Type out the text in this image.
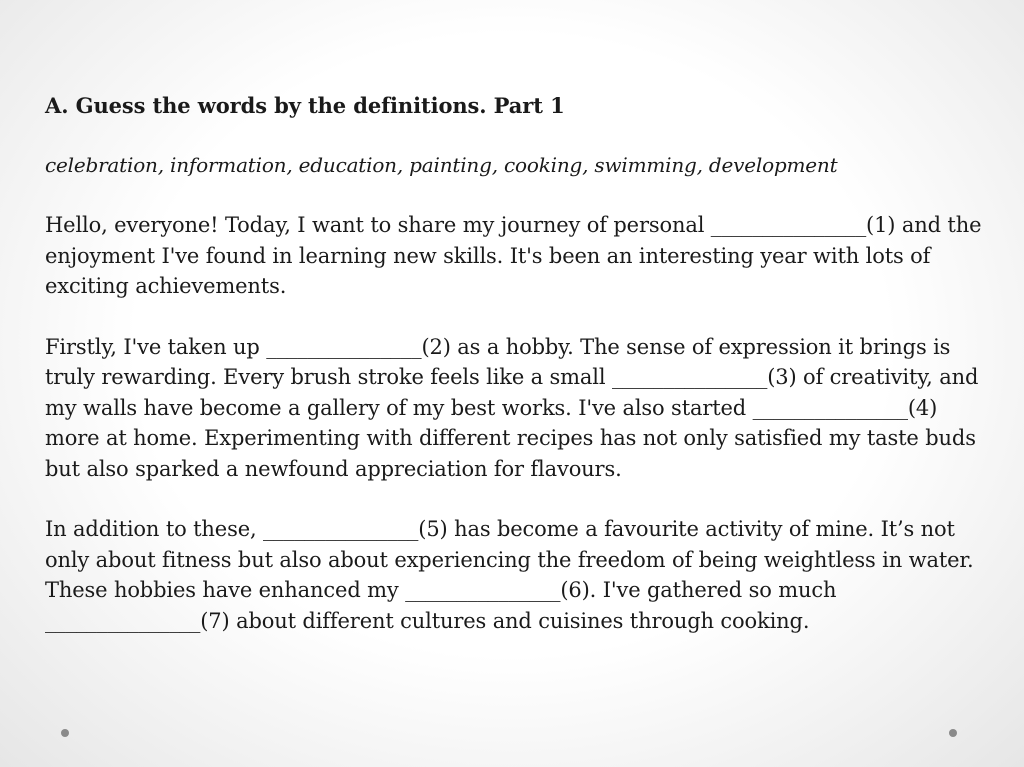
A. Guess the words by the definitions. Part 1
celebration, information, education, painting, cooking, swimming, development
Hello, everyone! Today, I want to share my journey of personal _______________(1) and the enjoyment I've found in learning new skills. It's been an interesting year with lots of exciting achievements.
Firstly, I've taken up _______________(2) as a hobby. The sense of expression it brings is truly rewarding. Every brush stroke feels like a small _______________(3) of creativity, and my walls have become a gallery of my best works. I've also started _______________(4) more at home. Experimenting with different recipes has not only satisfied my taste buds but also sparked a newfound appreciation for flavours.
In addition to these, _______________(5) has become a favourite activity of mine. It’s not only about fitness but also about experiencing the freedom of being weightless in water. These hobbies have enhanced my _______________(6). I've gathered so much _______________(7) about different cultures and cuisines through cooking.
